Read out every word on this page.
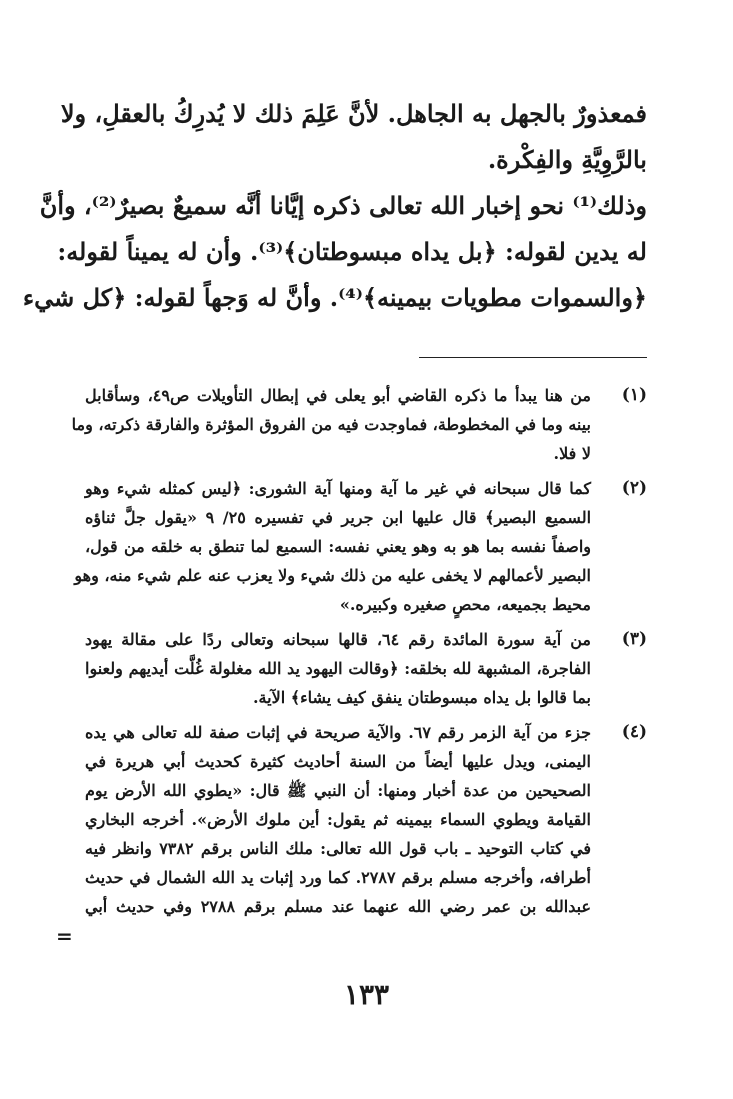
فمعذورٌ بالجهل به الجاهل. لأنَّ عَلِمَ ذلك لا يُدرِكُ بالعقلِ، ولا
بالرَّوِيَّةِ والفِكْرة.
وذلك⁽¹⁾ نحو إخبار الله تعالى ذكره إيَّانا أنَّه سميعٌ بصيرٌ⁽²⁾، وأنَّ
له يدين لقوله: ﴿بل يداه مبسوطتان﴾⁽³⁾. وأن له يميناً لقوله:
﴿والسموات مطويات بيمينه﴾⁽⁴⁾. وأنَّ له وَجهاً لقوله: ﴿كل شيء
(١)
من هنا يبدأ ما ذكره القاضي أبو يعلى في إبطال التأويلات ص٤٩، وسأقابل
بينه وما في المخطوطة، فماوجدت فيه من الفروق المؤثرة والفارقة ذكرته، وما
لا فلا.
(٢)
كما قال سبحانه في غير ما آية ومنها آية الشورى: ﴿ليس كمثله شيء وهو
السميع البصير﴾ قال عليها ابن جرير في تفسيره ٢٥/ ٩ «يقول جلَّ ثناؤه
واصفاً نفسه بما هو به وهو يعني نفسه: السميع لما تنطق به خلقه من قول،
البصير لأعمالهم لا يخفى عليه من ذلك شيء ولا يعزب عنه علم شيء منه، وهو
محيط بجميعه، محصٍ صغيره وكبيره.»
(٣)
من آية سورة المائدة رقم ٦٤، قالها سبحانه وتعالى ردًا على مقالة يهود
الفاجرة، المشبهة لله بخلقه: ﴿وقالت اليهود يد الله مغلولة غُلَّت أيديهم ولعنوا
بما قالوا بل يداه مبسوطتان ينفق كيف يشاء﴾ الآية.
(٤)
جزء من آية الزمر رقم ٦٧. والآية صريحة في إثبات صفة لله تعالى هي يده
اليمنى، ويدل عليها أيضاً من السنة أحاديث كثيرة كحديث أبي هريرة في
الصحيحين من عدة أخبار ومنها: أن النبي ﷺ قال: «يطوي الله الأرض يوم
القيامة ويطوي السماء بيمينه ثم يقول: أين ملوك الأرض». أخرجه البخاري
في كتاب التوحيد ـ باب قول الله تعالى: ملك الناس برقم ٧٣٨٢ وانظر فيه
أطرافه، وأخرجه مسلم برقم ٢٧٨٧. كما ورد إثبات يد الله الشمال في حديث
عبدالله بن عمر رضي الله عنهما عند مسلم برقم ٢٧٨٨ وفي حديث أبي
=
١٣٣
